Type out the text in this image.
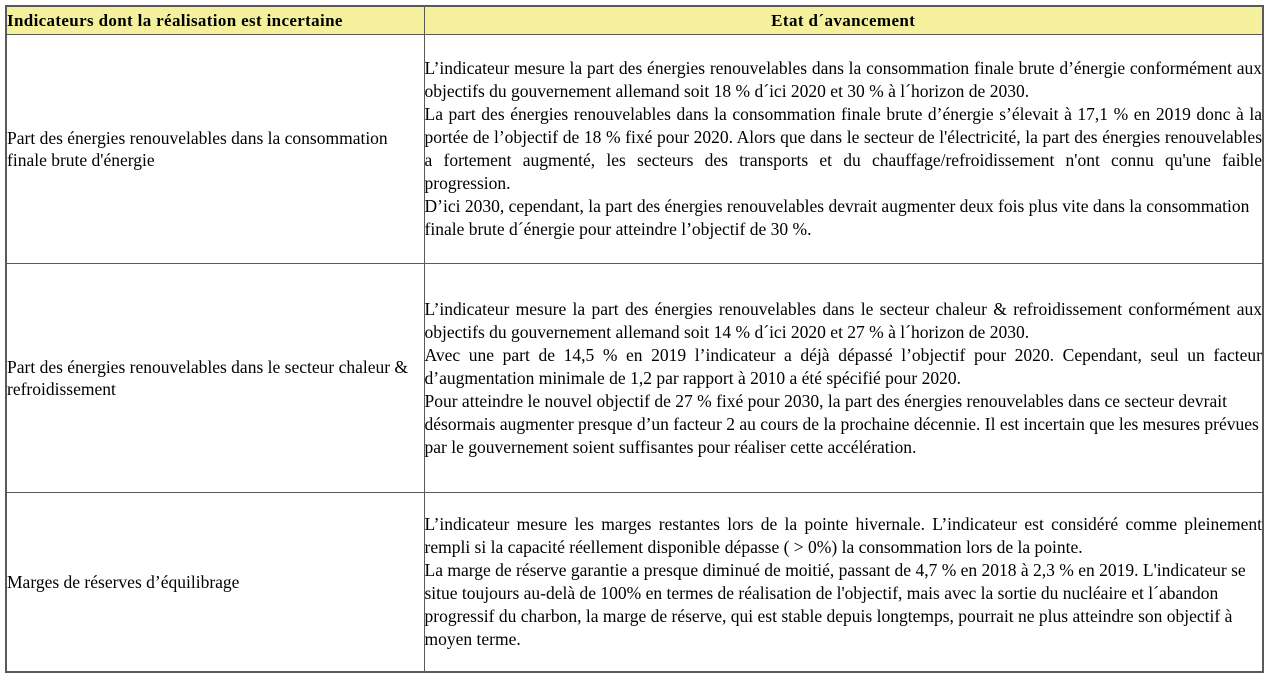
Indicateurs dont la réalisation est incertaine	Etat d´avancement

Part des énergies renouvelables dans la consommation finale brute d'énergie	L’indicateur mesure la part des énergies renouvelables dans la consommation finale brute d’énergie conformément aux objectifs du gouvernement allemand soit 18 % d´ici 2020 et 30 % à l´horizon de 2030.

La part des énergies renouvelables dans la consommation finale brute d’énergie s’élevait à 17,1 % en 2019 donc à la portée de l’objectif de 18 % fixé pour 2020. Alors que dans le secteur de l'électricité, la part des énergies renouvelables a fortement augmenté, les secteurs des transports et du chauffage/refroidissement n'ont connu qu'une faible progression.

D’ici 2030, cependant, la part des énergies renouvelables devrait augmenter deux fois plus vite dans la consommation finale brute d´énergie pour atteindre l’objectif de 30 %.

Part des énergies renouvelables dans le secteur chaleur & refroidissement	L’indicateur mesure la part des énergies renouvelables dans le secteur chaleur & refroidissement conformément aux objectifs du gouvernement allemand soit 14 % d´ici 2020 et 27 % à l´horizon de 2030.

Avec une part de 14,5 % en 2019 l’indicateur a déjà dépassé l’objectif pour 2020. Cependant, seul un facteur d’augmentation minimale de 1,2 par rapport à 2010 a été spécifié pour 2020.

Pour atteindre le nouvel objectif de 27 % fixé pour 2030, la part des énergies renouvelables dans ce secteur devrait désormais augmenter presque d’un facteur 2 au cours de la prochaine décennie. Il est incertain que les mesures prévues par le gouvernement soient suffisantes pour réaliser cette accélération.

Marges de réserves d’équilibrage	L’indicateur mesure les marges restantes lors de la pointe hivernale. L’indicateur est considéré comme pleinement rempli si la capacité réellement disponible dépasse ( > 0%) la consommation lors de la pointe.

La marge de réserve garantie a presque diminué de moitié, passant de 4,7 % en 2018 à 2,3 % en 2019. L'indicateur se situe toujours au-delà de 100% en termes de réalisation de l'objectif, mais avec la sortie du nucléaire et l´abandon progressif du charbon, la marge de réserve, qui est stable depuis longtemps, pourrait ne plus atteindre son objectif à moyen terme.
